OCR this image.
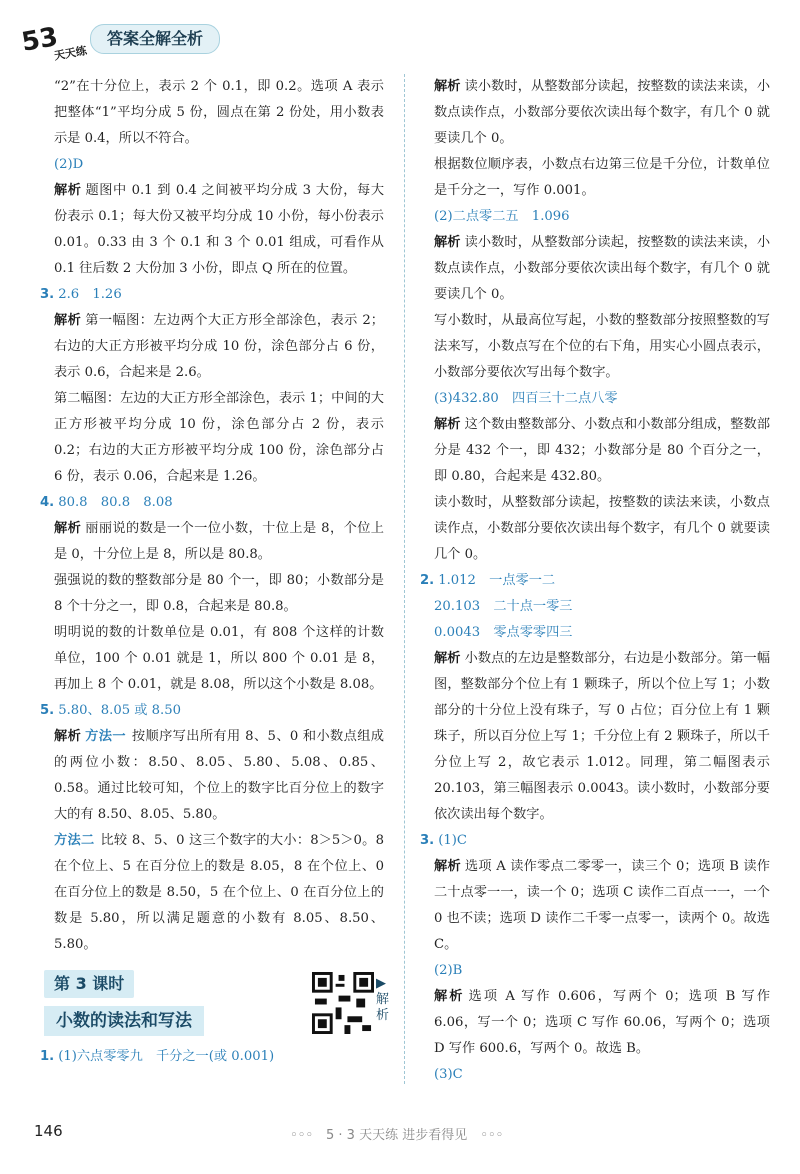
53
天天练
答案全解全析

“2”在十分位上，表示 2 个 0.1，即 0.2。选项 A 表示把整体“1”平均分成 5 份，圆点在第 2 份处，用小数表示是 0.4，所以不符合。

(2)D

解析 题图中 0.1 到 0.4 之间被平均分成 3 大份，每大份表示 0.1；每大份又被平均分成 10 小份，每小份表示 0.01。0.33 由 3 个 0.1 和 3 个 0.01 组成，可看作从 0.1 往后数 2 大份加 3 小份，即点 Q 所在的位置。

3. 2.6　1.26

解析 第一幅图：左边两个大正方形全部涂色，表示 2；右边的大正方形被平均分成 10 份，涂色部分占 6 份，表示 0.6，合起来是 2.6。

第二幅图：左边的大正方形全部涂色，表示 1；中间的大正方形被平均分成 10 份，涂色部分占 2 份，表示 0.2；右边的大正方形被平均分成 100 份，涂色部分占 6 份，表示 0.06，合起来是 1.26。

4. 80.8　80.8　8.08

解析 丽丽说的数是一个一位小数，十位上是 8，个位上是 0，十分位上是 8，所以是 80.8。

强强说的数的整数部分是 80 个一，即 80；小数部分是 8 个十分之一，即 0.8，合起来是 80.8。

明明说的数的计数单位是 0.01，有 808 个这样的计数单位，100 个 0.01 就是 1，所以 800 个 0.01 是 8，再加上 8 个 0.01，就是 8.08，所以这个小数是 8.08。

5. 5.80、8.05 或 8.50

解析 方法一 按顺序写出所有用 8、5、0 和小数点组成的两位小数：8.50、8.05、5.80、5.08、0.85、0.58。通过比较可知，个位上的数字比百分位上的数字大的有 8.50、8.05、5.80。

方法二 比较 8、5、0 这三个数字的大小：8＞5＞0。8 在个位上、5 在百分位上的数是 8.05，8 在个位上、0 在百分位上的数是 8.50，5 在个位上、0 在百分位上的数是 5.80，所以满足题意的小数有 8.05、8.50、5.80。

第 3 课时
小数的读法和写法
▶解析

1. (1)六点零零九　千分之一(或 0.001)

解析 读小数时，从整数部分读起，按整数的读法来读，小数点读作点，小数部分要依次读出每个数字，有几个 0 就要读几个 0。

根据数位顺序表，小数点右边第三位是千分位，计数单位是千分之一，写作 0.001。

(2)二点零二五　1.096

解析 读小数时，从整数部分读起，按整数的读法来读，小数点读作点，小数部分要依次读出每个数字，有几个 0 就要读几个 0。

写小数时，从最高位写起，小数的整数部分按照整数的写法来写，小数点写在个位的右下角，用实心小圆点表示，小数部分要依次写出每个数字。

(3)432.80　四百三十二点八零

解析 这个数由整数部分、小数点和小数部分组成，整数部分是 432 个一，即 432；小数部分是 80 个百分之一，即 0.80，合起来是 432.80。

读小数时，从整数部分读起，按整数的读法来读，小数点读作点，小数部分要依次读出每个数字，有几个 0 就要读几个 0。

2. 1.012　一点零一二

20.103　二十点一零三

0.0043　零点零零四三

解析 小数点的左边是整数部分，右边是小数部分。第一幅图，整数部分个位上有 1 颗珠子，所以个位上写 1；小数部分的十分位上没有珠子，写 0 占位；百分位上有 1 颗珠子，所以百分位上写 1；千分位上有 2 颗珠子，所以千分位上写 2，故它表示 1.012。同理，第二幅图表示 20.103，第三幅图表示 0.0043。读小数时，小数部分要依次读出每个数字。

3. (1)C

解析 选项 A 读作零点二零零一，读三个 0；选项 B 读作二十点零一一，读一个 0；选项 C 读作二百点一一，一个 0 也不读；选项 D 读作二千零一点零一，读两个 0。故选 C。

(2)B

解析 选项 A 写作 0.606，写两个 0；选项 B 写作 6.06，写一个 0；选项 C 写作 60.06，写两个 0；选项 D 写作 600.6，写两个 0。故选 B。

(3)C

146	◦◦◦　5 · 3 天天练 进步看得见　◦◦◦
